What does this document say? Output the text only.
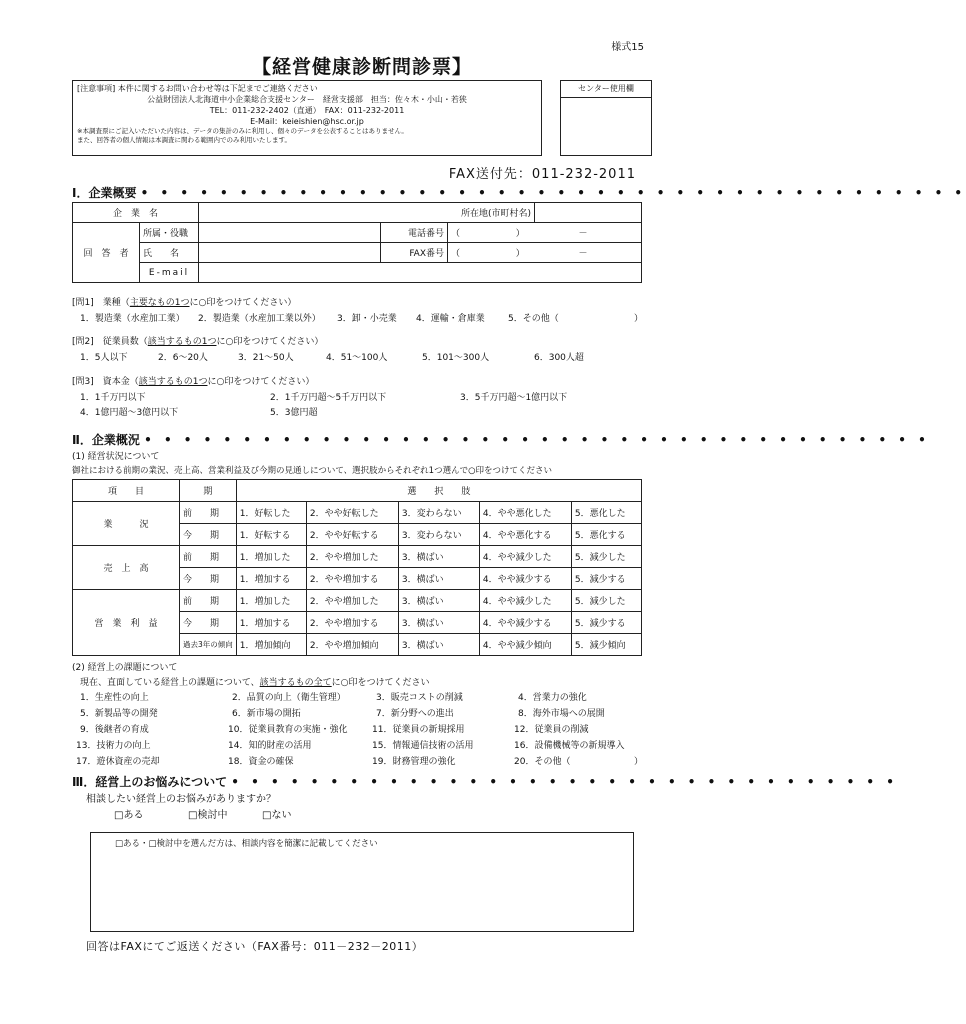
様式15
【経営健康診断問診票】
[注意事項] 本件に関するお問い合わせ等は下記までご連絡ください
公益財団法人北海道中小企業総合支援センター　経営支援部　担当：佐々木・小山・若狭
TEL：011-232-2402（直通）　FAX：011-232-2011
E-Mail：keieishien@hsc.or.jp
※本調査票にご記入いただいた内容は、データの集計のみに利用し、個々のデータを公表することはありません。
また、回答者の個人情報は本調査に関わる範囲内でのみ利用いたします。
センター使用欄
FAX送付先：011-232-2011
Ⅰ．企業概要 • • • • • • • • • • • • • • • • • • • • • • • • • • • • • • • • • • • • • • • • • •
企　業　名				所在地(市町村名)	
回　答　者	所属・役職		電話番号	（ ） －	
	氏　　名		FAX番号	（ ） －	
	E-mail				
[問1]　業種（主要なもの1つに○印をつけてください）
1．製造業（水産加工業） 2．製造業（水産加工業以外） 3．卸・小売業 4．運輸・倉庫業	5．その他（	）
[問2]　従業員数（該当するもの1つに○印をつけてください）
1．5人以下	2．6～20人	3．21～50人	4．51～100人	5．101～300人	6．300人超
[問3]　資本金（該当するもの1つに○印をつけてください）
1．1千万円以下	2．1千万円超～5千万円以下	3．5千万円超～1億円以下
4．1億円超～3億円以下	5．3億円超
Ⅱ．企業概況 • • • • • • • • • • • • • • • • • • • • • • • • • • • • • • • • • • • • • • • •
(1) 経営状況について
御社における前期の業況、売上高、営業利益及び今期の見通しについて、選択肢からそれぞれ1つ選んで○印をつけてください
項　　目	期	選　　択　　肢				
業　　　況	前　　期	1．好転した	2．やや好転した	3．変わらない	4．やや悪化した	5．悪化した
	今　　期	1．好転する	2．やや好転する	3．変わらない	4．やや悪化する	5．悪化する
売　上　高	前　　期	1．増加した	2．やや増加した	3．横ばい	4．やや減少した	5．減少した
	今　　期	1．増加する	2．やや増加する	3．横ばい	4．やや減少する	5．減少する
営　業　利　益	前　　期	1．増加した	2．やや増加した	3．横ばい	4．やや減少した	5．減少した
	今　　期	1．増加する	2．やや増加する	3．横ばい	4．やや減少する	5．減少する
	過去3年の傾向	1．増加傾向	2．やや増加傾向	3．横ばい	4．やや減少傾向	5．減少傾向
(2) 経営上の課題について
現在、直面している経営上の課題について、該当するもの全てに○印をつけてください
1．生産性の向上	2．品質の向上（衛生管理）	3．販売コストの削減	4．営業力の強化
5．新製品等の開発	6．新市場の開拓	7．新分野への進出	8．海外市場への展開
9．後継者の育成	10．従業員教育の実施・強化	11．従業員の新規採用	12．従業員の削減
13．技術力の向上	14．知的財産の活用	15．情報通信技術の活用	16．設備機械等の新規導入
17．遊休資産の売却	18．資金の確保	19．財務管理の強化	20．その他（	）
Ⅲ．経営上のお悩みについて • • • • • • • • • • • • • • • • • • • • • • • • • • • • • • • • • •
相談したい経営上のお悩みがありますか？
□ある	□検討中	□ない
□ある・□検討中を選んだ方は、相談内容を簡潔に記載してください
回答はFAXにてご返送ください（FAX番号：011－232－2011）
